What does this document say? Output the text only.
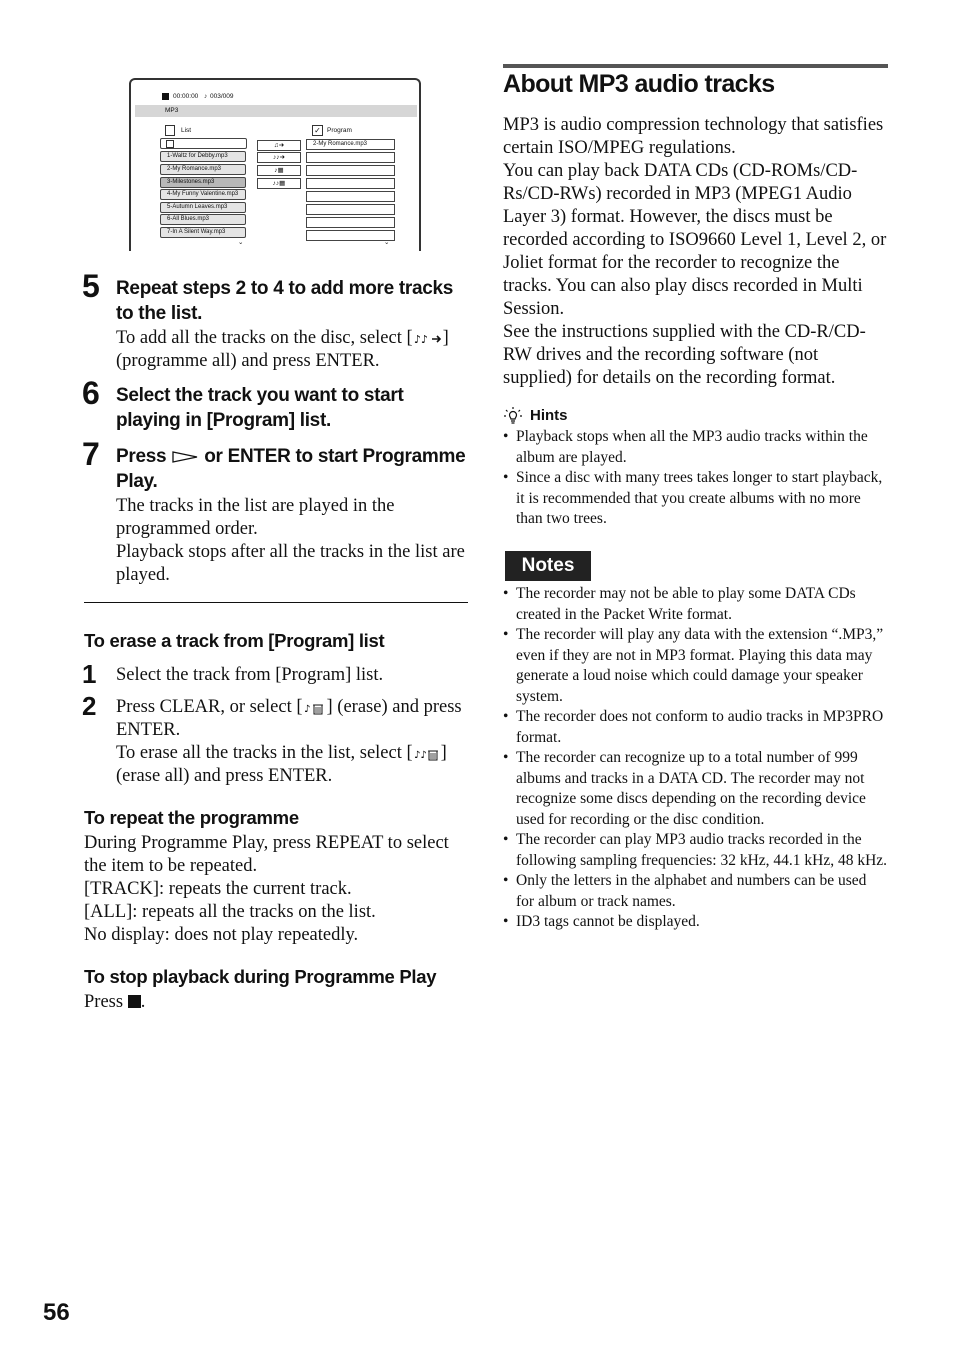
00:00:00 ♪ 003/009
MP3
List
1-Waltz for Debby.mp3
2-My Romance.mp3
3-Milestones.mp3
4-My Funny Valentine.mp3
5-Autumn Leaves.mp3
6-All Blues.mp3
7-In A Silent Way.mp3
⌄
♫➜
♪♪➜
♪▦
♪♪▦
✓ Program
2-My Romance.mp3
⌄
5 Repeat steps 2 to 4 to add more tracks to the list.
To add all the tracks on the disc, select [ ♪♪ ] (programme all) and press ENTER.
6 Select the track you want to start playing in [Program] list.
7 Press or ENTER to start Programme Play.
The tracks in the list are played in the programmed order.
Playback stops after all the tracks in the list are played.
To erase a track from [Program] list
1 Select the track from [Program] list.
2 Press CLEAR, or select [ ♪ ] (erase) and press ENTER.
To erase all the tracks in the list, select [ ♪♪ ] (erase all) and press ENTER.
To repeat the programme
During Programme Play, press REPEAT to select the item to be repeated.
[TRACK]: repeats the current track.
[ALL]: repeats all the tracks on the list.
No display: does not play repeatedly.
To stop playback during Programme Play
Press .
About MP3 audio tracks
MP3 is audio compression technology that satisfies certain ISO/MPEG regulations.
You can play back DATA CDs (CD-ROMs/CD-Rs/CD-RWs) recorded in MP3 (MPEG1 Audio Layer 3) format. However, the discs must be recorded according to ISO9660 Level 1, Level 2, or Joliet format for the recorder to recognize the tracks. You can also play discs recorded in Multi Session.
See the instructions supplied with the CD-R/CD-RW drives and the recording software (not supplied) for details on the recording format.
Hints
• Playback stops when all the MP3 audio tracks within the album are played.
• Since a disc with many trees takes longer to start playback, it is recommended that you create albums with no more than two trees.
Notes
• The recorder may not be able to play some DATA CDs created in the Packet Write format.
• The recorder will play any data with the extension “.MP3,” even if they are not in MP3 format. Playing this data may generate a loud noise which could damage your speaker system.
• The recorder does not conform to audio tracks in MP3PRO format.
• The recorder can recognize up to a total number of 999 albums and tracks in a DATA CD. The recorder may not recognize some discs depending on the recording device used for recording or the disc condition.
• The recorder can play MP3 audio tracks recorded in the following sampling frequencies: 32 kHz, 44.1 kHz, 48 kHz.
• Only the letters in the alphabet and numbers can be used for album or track names.
• ID3 tags cannot be displayed.
56
